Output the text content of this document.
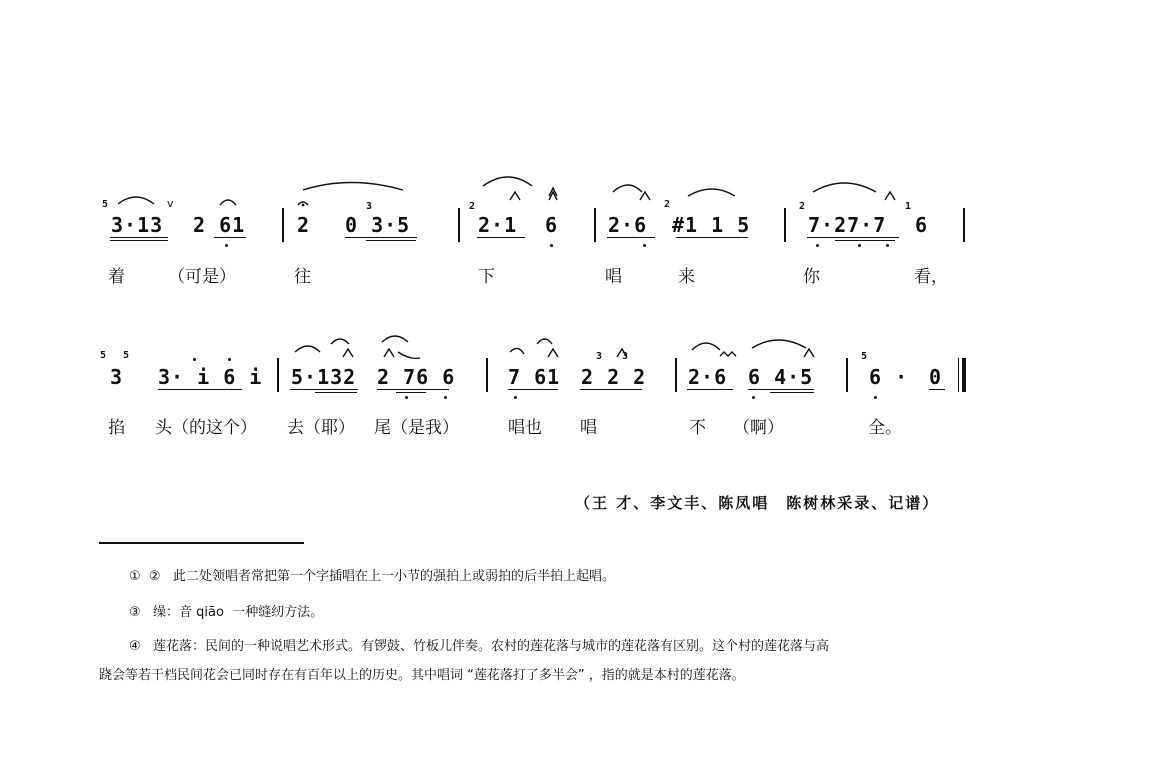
5	3	2	2	2	1
3·13
v
2 61	2 0 3·5	2·1 6 2·6 #1 1 5	7·27·7 6
着	（可是）	往	下	唱	来	你	看，
5 5	3 3	5
3 3· i 6 i 5·132 2 76 6	7 61 2 2 2 2·6 6 4·5	6 · 0
掐 头（的这个） 去（耶） 尾（是我）	唱也 唱	不 （啊）	全。
（王 才、李文丰、陈凤唱　陈树林采录、记谱）
①  ②   此二处领唱者常把第一个字插唱在上一小节的强拍上或弱拍的后半拍上起唱。
③   缲：音 qiāo  一种缝纫方法。
④   莲花落：民间的一种说唱艺术形式。有锣鼓、竹板儿伴奏。农村的莲花落与城市的莲花落有区别。这个村的莲花落与高
跷会等若干档民间花会已同时存在有百年以上的历史。其中唱词 “莲花落打了多半会” ，指的就是本村的莲花落。
